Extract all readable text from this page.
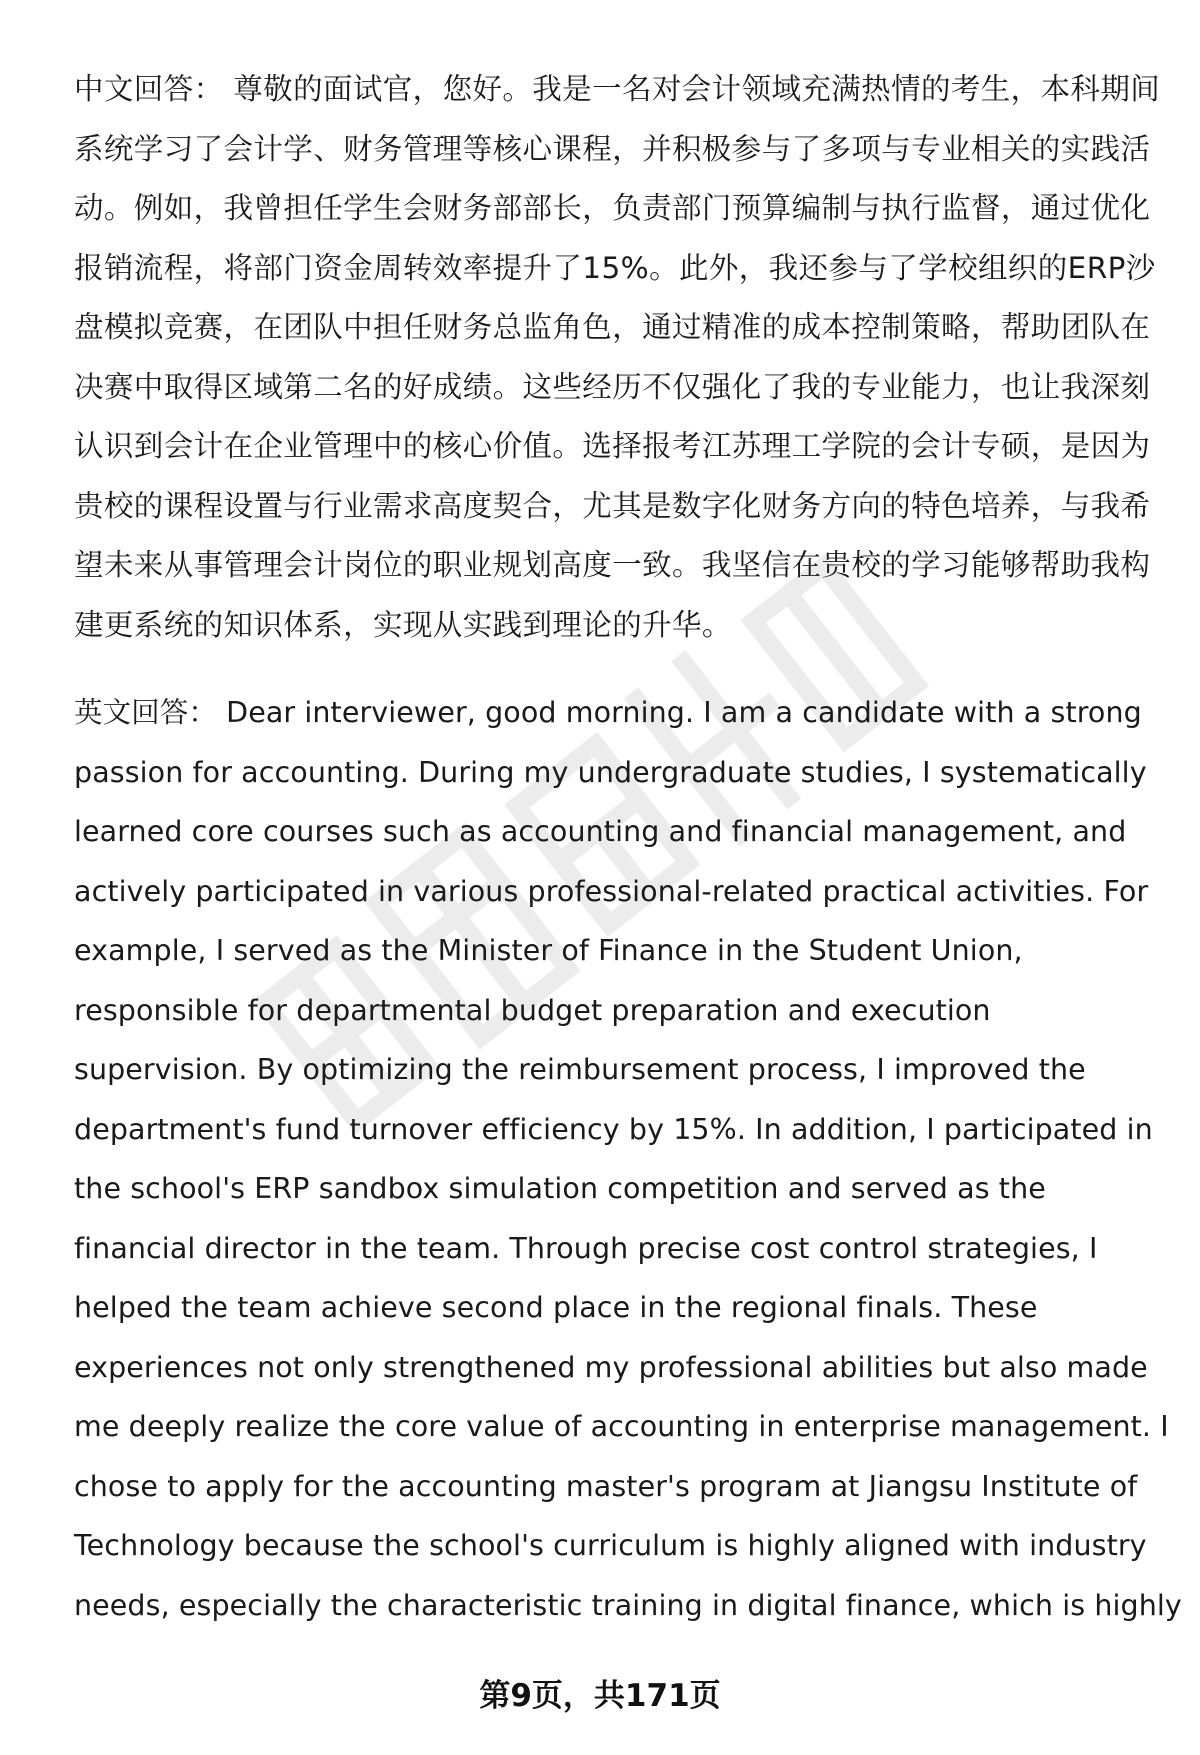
中文回答： 尊敬的面试官，您好。我是一名对会计领域充满热情的考生，本科期间
系统学习了会计学、财务管理等核心课程，并积极参与了多项与专业相关的实践活
动。例如，我曾担任学生会财务部部长，负责部门预算编制与执行监督，通过优化
报销流程，将部门资金周转效率提升了15%。此外，我还参与了学校组织的ERP沙
盘模拟竞赛，在团队中担任财务总监角色，通过精准的成本控制策略，帮助团队在
决赛中取得区域第二名的好成绩。这些经历不仅强化了我的专业能力，也让我深刻
认识到会计在企业管理中的核心价值。选择报考江苏理工学院的会计专硕，是因为
贵校的课程设置与行业需求高度契合，尤其是数字化财务方向的特色培养，与我希
望未来从事管理会计岗位的职业规划高度一致。我坚信在贵校的学习能够帮助我构
建更系统的知识体系，实现从实践到理论的升华。
英文回答： Dear interviewer, good morning. I am a candidate with a strong
passion for accounting. During my undergraduate studies, I systematically
learned core courses such as accounting and financial management, and
actively participated in various professional-related practical activities. For
example, I served as the Minister of Finance in the Student Union,
responsible for departmental budget preparation and execution
supervision. By optimizing the reimbursement process, I improved the
department's fund turnover efficiency by 15%. In addition, I participated in
the school's ERP sandbox simulation competition and served as the
financial director in the team. Through precise cost control strategies, I
helped the team achieve second place in the regional finals. These
experiences not only strengthened my professional abilities but also made
me deeply realize the core value of accounting in enterprise management. I
chose to apply for the accounting master's program at Jiangsu Institute of
Technology because the school's curriculum is highly aligned with industry
needs, especially the characteristic training in digital finance, which is highly
第9页，共171页
